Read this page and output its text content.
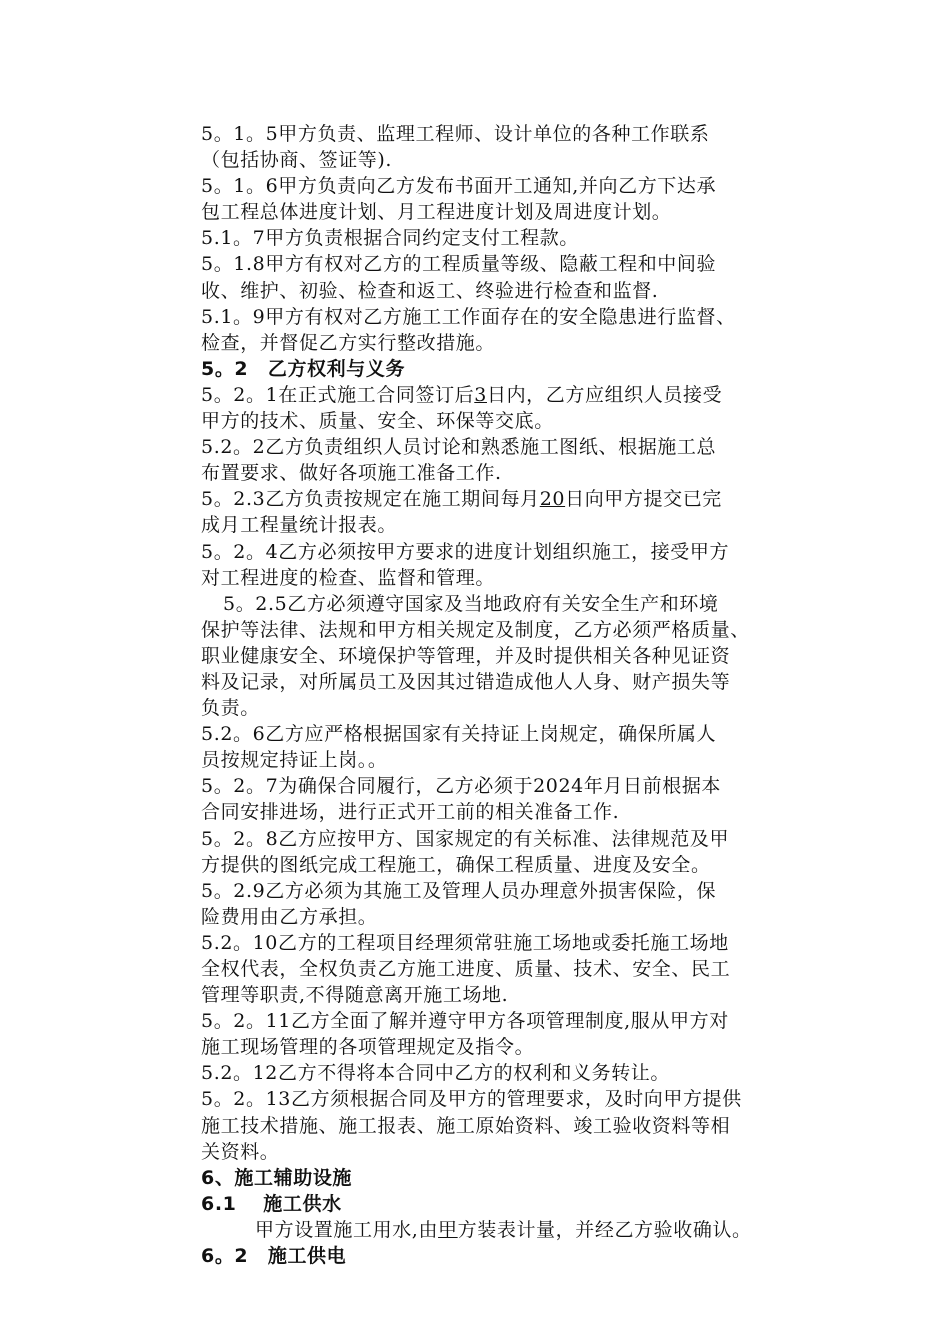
5。1。5甲方负责、监理工程师、设计单位的各种工作联系
（包括协商、签证等).
5。1。6甲方负责向乙方发布书面开工通知,并向乙方下达承
包工程总体进度计划、月工程进度计划及周进度计划。
5.1。7甲方负责根据合同约定支付工程款。
5。1.8甲方有权对乙方的工程质量等级、隐蔽工程和中间验
收、维护、初验、检查和返工、终验进行检查和监督.
5.1。9甲方有权对乙方施工工作面存在的安全隐患进行监督、
检查，并督促乙方实行整改措施。
5。2　乙方权利与义务
5。2。1在正式施工合同签订后3日内，乙方应组织人员接受
甲方的技术、质量、安全、环保等交底。
5.2。2乙方负责组织人员讨论和熟悉施工图纸、根据施工总
布置要求、做好各项施工准备工作.
5。2.3乙方负责按规定在施工期间每月20日向甲方提交已完
成月工程量统计报表。
5。2。4乙方必须按甲方要求的进度计划组织施工，接受甲方
对工程进度的检查、监督和管理。
5。2.5乙方必须遵守国家及当地政府有关安全生产和环境
保护等法律、法规和甲方相关规定及制度，乙方必须严格质量、
职业健康安全、环境保护等管理，并及时提供相关各种见证资
料及记录，对所属员工及因其过错造成他人人身、财产损失等
负责。
5.2。6乙方应严格根据国家有关持证上岗规定，确保所属人
员按规定持证上岗。。
5。2。7为确保合同履行，乙方必须于2024年月日前根据本
合同安排进场，进行正式开工前的相关准备工作.
5。2。8乙方应按甲方、国家规定的有关标准、法律规范及甲
方提供的图纸完成工程施工，确保工程质量、进度及安全。
5。2.9乙方必须为其施工及管理人员办理意外损害保险，保
险费用由乙方承担。
5.2。10乙方的工程项目经理须常驻施工场地或委托施工场地
全权代表，全权负责乙方施工进度、质量、技术、安全、民工
管理等职责,不得随意离开施工场地.
5。2。11乙方全面了解并遵守甲方各项管理制度,服从甲方对
施工现场管理的各项管理规定及指令。
5.2。12乙方不得将本合同中乙方的权利和义务转让。
5。2。13乙方须根据合同及甲方的管理要求，及时向甲方提供
施工技术措施、施工报表、施工原始资料、竣工验收资料等相
关资料。
6、施工辅助设施
6.1　 施工供水
甲方设置施工用水,由甲方装表计量，并经乙方验收确认。
6。2　施工供电
